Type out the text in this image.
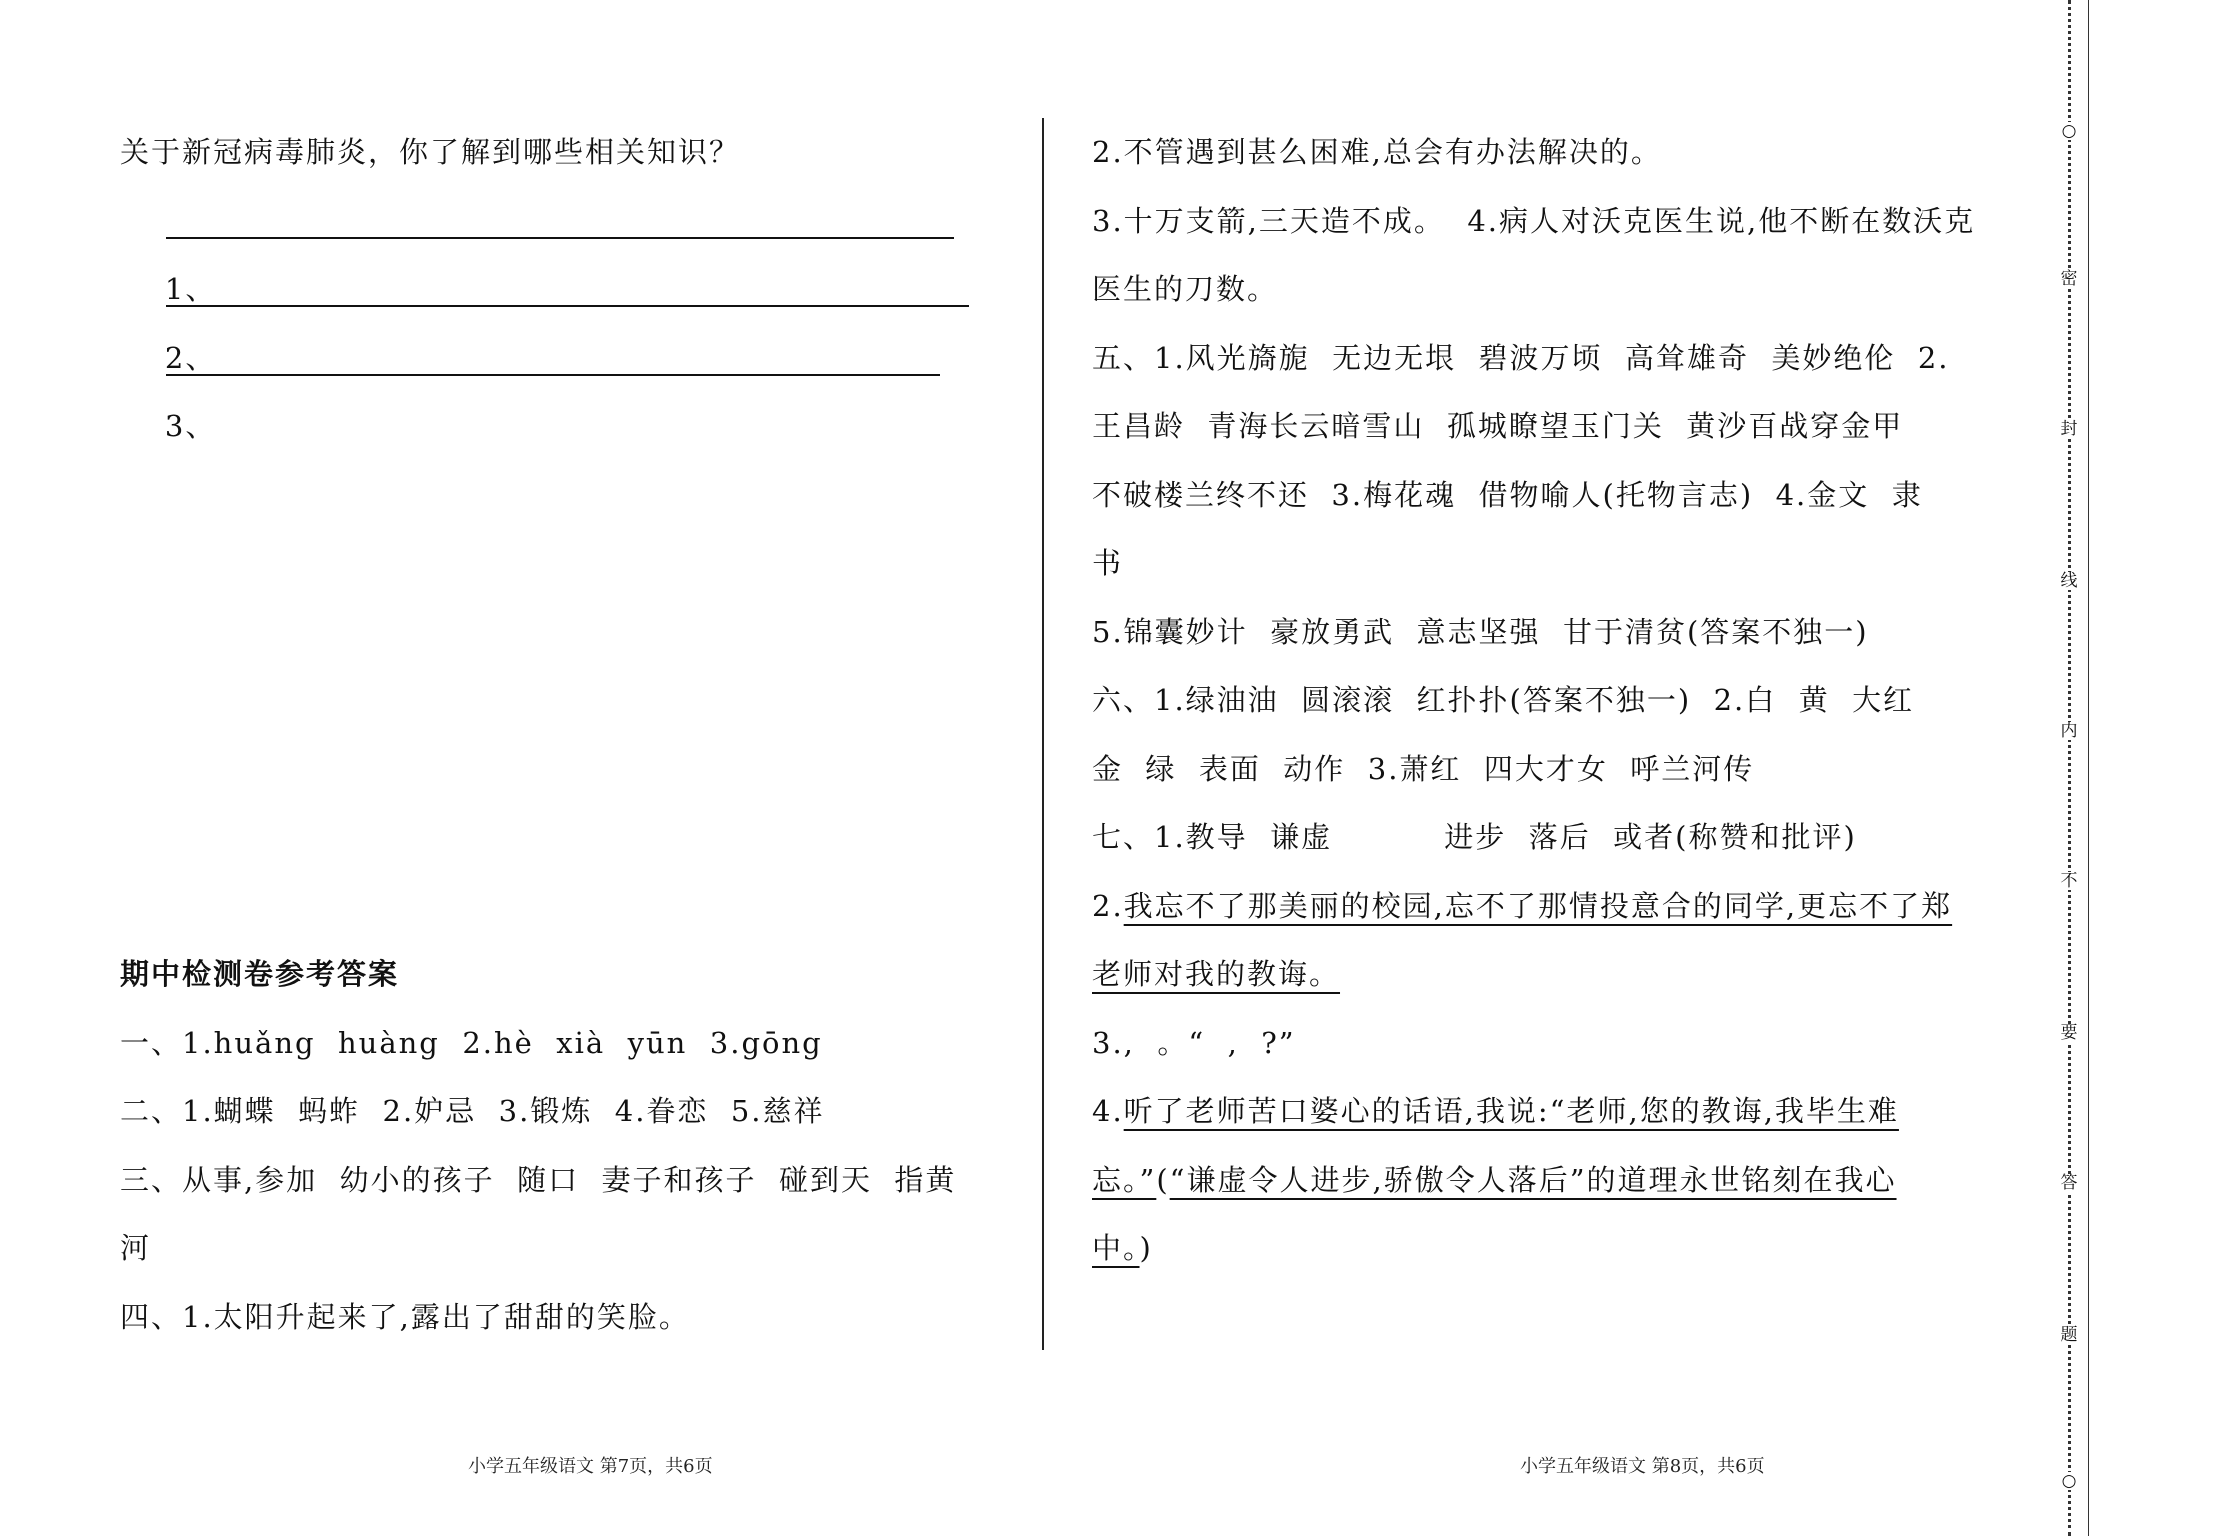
关于新冠病毒肺炎，你了解到哪些相关知识？

1、

2、

3、

期中检测卷参考答案
一、1.huǎng  huàng  2.hè  xià  yūn  3.gōng
二、1.蝴蝶  蚂蚱  2.妒忌  3.锻炼  4.眷恋  5.慈祥
三、从事,参加  幼小的孩子  随口  妻子和孩子  碰到天  指黄
河
四、1.太阳升起来了,露出了甜甜的笑脸。
2.不管遇到甚么困难,总会有办法解决的。
3.十万支箭,三天造不成。  4.病人对沃克医生说,他不断在数沃克
医生的刀数。
五、1.风光旖旎  无边无垠  碧波万顷  高耸雄奇  美妙绝伦  2.
王昌龄  青海长云暗雪山  孤城瞭望玉门关  黄沙百战穿金甲
不破楼兰终不还  3.梅花魂  借物喻人(托物言志)  4.金文  隶
书
5.锦囊妙计  豪放勇武  意志坚强  甘于清贫(答案不独一)
六、1.绿油油  圆滚滚  红扑扑(答案不独一)  2.白  黄  大红
金  绿  表面  动作  3.萧红  四大才女  呼兰河传
七、1.教导  谦虚          进步  落后  或者(称赞和批评)
2.我忘不了那美丽的校园,忘不了那情投意合的同学,更忘不了郑
老师对我的教诲。
3.,  。“  ,  ?”
4.听了老师苦口婆心的话语,我说:“老师,您的教诲,我毕生难
忘。”(“谦虚令人进步,骄傲令人落后”的道理永世铭刻在我心
中。)
小学五年级语文 第7页，共6页	小学五年级语文 第8页，共6页
○
密
封
线
内
不
要
答
题
○
